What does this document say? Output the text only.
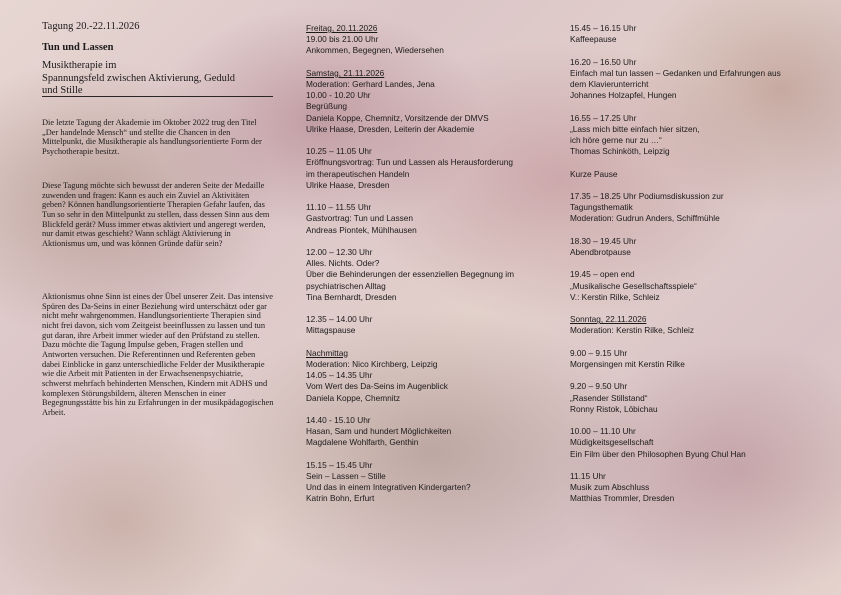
Tagung 20.-22.11.2026
Tun und Lassen
Musiktherapie im
Spannungsfeld zwischen Aktivierung, Geduld
und Stille
Die letzte Tagung der Akademie im Oktober 2022 trug den Titel „Der handelnde Mensch“ und stellte die Chancen in den Mittelpunkt, die Musiktherapie als handlungsorientierte Form der Psychotherapie besitzt.
Diese Tagung möchte sich bewusst der anderen Seite der Medaille zuwenden und fragen: Kann es auch ein Zuviel an Aktivitäten geben? Können handlungsorientierte Therapien Gefahr laufen, das Tun so sehr in den Mittelpunkt zu stellen, dass dessen Sinn aus dem Blickfeld gerät? Muss immer etwas aktiviert und angeregt werden, nur damit etwas geschieht? Wann schlägt Aktivierung in Aktionismus um, und was können Gründe dafür sein?
Aktionismus ohne Sinn ist eines der Übel unserer Zeit. Das intensive Spüren des Da-Seins in einer Beziehung wird unterschätzt oder gar nicht mehr wahrgenommen. Handlungsorientierte Therapien sind nicht frei davon, sich vom Zeitgeist beeinflussen zu lassen und tun gut daran, ihre Arbeit immer wieder auf den Prüfstand zu stellen. Dazu möchte die Tagung Impulse geben, Fragen stellen und Antworten versuchen. Die Referentinnen und Referenten geben dabei Einblicke in ganz unterschiedliche Felder der Musiktherapie wie die Arbeit mit Patienten in der Erwachsenenpsychiatrie, schwerst mehrfach behinderten Menschen, Kindern mit ADHS und komplexen Störungsbildern, älteren Menschen in einer Begegnungsstätte bis hin zu Erfahrungen in der musikpädagogischen Arbeit.
Freitag, 20.11.2026
19.00 bis 21.00 Uhr
Ankommen, Begegnen, Wiedersehen
Samstag, 21.11.2026
Moderation: Gerhard Landes, Jena
10.00 - 10.20 Uhr
Begrüßung
Daniela Koppe, Chemnitz, Vorsitzende der DMVS
Ulrike Haase, Dresden, Leiterin der Akademie
10.25 – 11.05 Uhr
Eröffnungsvortrag: Tun und Lassen als Herausforderung
im therapeutischen Handeln
Ulrike Haase, Dresden
11.10 – 11.55 Uhr
Gastvortrag: Tun und Lassen
Andreas Piontek, Mühlhausen
12.00 – 12.30 Uhr
Alles. Nichts. Oder?
Über die Behinderungen der essenziellen Begegnung im
psychiatrischen Alltag
Tina Bernhardt, Dresden
12.35 – 14.00 Uhr
Mittagspause
Nachmittag
Moderation: Nico Kirchberg, Leipzig
14.05 – 14.35 Uhr
Vom Wert des Da-Seins im Augenblick
Daniela Koppe, Chemnitz
14.40 - 15.10 Uhr
Hasan, Sam und hundert Möglichkeiten
Magdalene Wohlfarth, Genthin
15.15 – 15.45 Uhr
Sein – Lassen – Stille
Und das in einem Integrativen Kindergarten?
Katrin Bohn, Erfurt
15.45 – 16.15 Uhr
Kaffeepause
16.20 – 16.50 Uhr
Einfach mal tun lassen – Gedanken und Erfahrungen aus
dem Klavierunterricht
Johannes Holzapfel, Hungen
16.55 – 17.25 Uhr
„Lass mich bitte einfach hier sitzen,
ich höre gerne nur zu …“
Thomas Schinköth, Leipzig
Kurze Pause
17.35 – 18.25 Uhr Podiumsdiskussion zur
Tagungsthematik
Moderation: Gudrun Anders, Schiffmühle
18.30 – 19.45 Uhr
Abendbrotpause
19.45 – open end
„Musikalische Gesellschaftsspiele“
V.: Kerstin Rilke, Schleiz
Sonntag, 22.11.2026
Moderation: Kerstin Rilke, Schleiz
9.00 – 9.15 Uhr
Morgensingen mit Kerstin Rilke
9.20 – 9.50 Uhr
„Rasender Stillstand“
Ronny Ristok, Löbichau
10.00 – 11.10 Uhr
Müdigkeitsgesellschaft
Ein Film über den Philosophen Byung Chul Han
11.15 Uhr
Musik zum Abschluss
Matthias Trommler, Dresden
